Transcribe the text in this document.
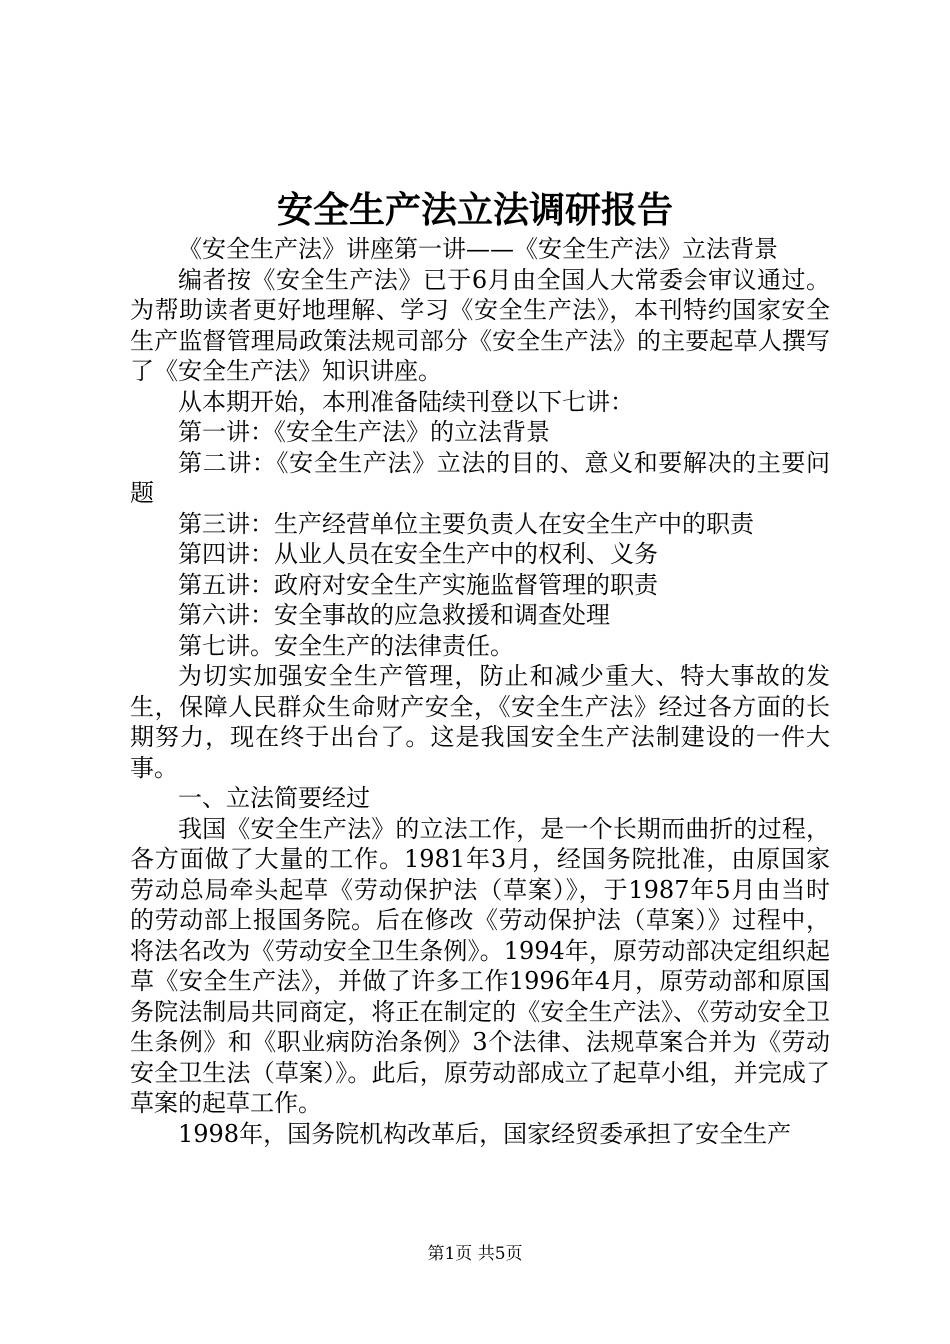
安全生产法立法调研报告

《安全生产法》讲座第一讲——《安全生产法》立法背景

编者按《安全生产法》已于6月由全国人大常委会审议通过。为帮助读者更好地理解、学习《安全生产法》，本刊特约国家安全生产监督管理局政策法规司部分《安全生产法》的主要起草人撰写了《安全生产法》知识讲座。

从本期开始，本刑准备陆续刊登以下七讲：

第一讲：《安全生产法》的立法背景

第二讲：《安全生产法》立法的目的、意义和要解决的主要问题

第三讲：生产经营单位主要负责人在安全生产中的职责

第四讲：从业人员在安全生产中的权利、义务

第五讲：政府对安全生产实施监督管理的职责

第六讲：安全事故的应急救援和调查处理

第七讲。安全生产的法律责任。

为切实加强安全生产管理，防止和减少重大、特大事故的发生，保障人民群众生命财产安全，《安全生产法》经过各方面的长期努力，现在终于出台了。这是我国安全生产法制建设的一件大事。

一、立法简要经过

我国《安全生产法》的立法工作，是一个长期而曲折的过程，各方面做了大量的工作。1981年3月，经国务院批准，由原国家劳动总局牵头起草《劳动保护法（草案）》，于1987年5月由当时的劳动部上报国务院。后在修改《劳动保护法（草案）》过程中，将法名改为《劳动安全卫生条例》。1994年，原劳动部决定组织起草《安全生产法》，并做了许多工作1996年4月，原劳动部和原国务院法制局共同商定，将正在制定的《安全生产法》、《劳动安全卫生条例》和《职业病防治条例》3个法律、法规草案合并为《劳动安全卫生法（草案）》。此后，原劳动部成立了起草小组，并完成了草案的起草工作。

1998年，国务院机构改革后，国家经贸委承担了安全生产

第1页 共5页
